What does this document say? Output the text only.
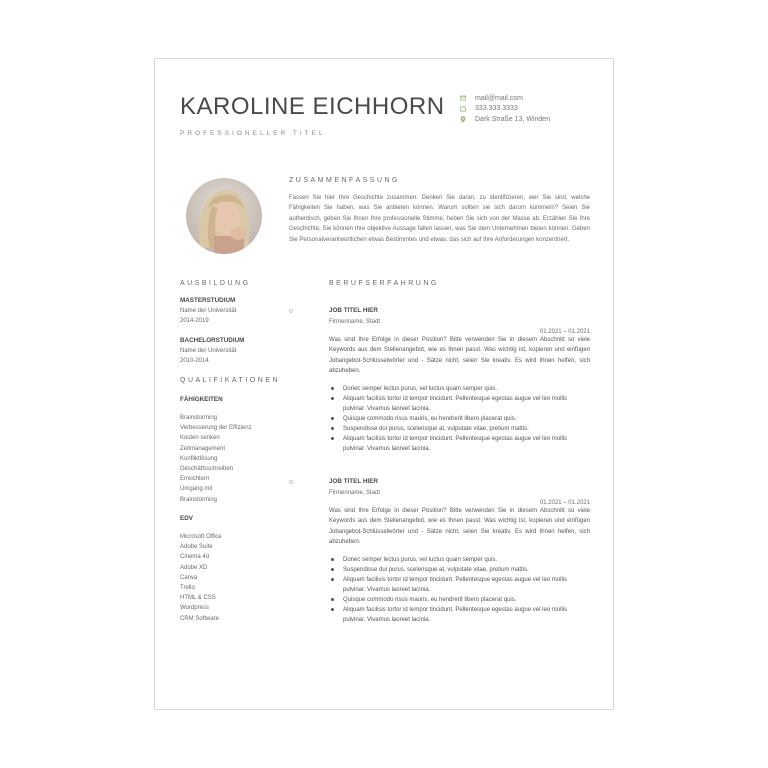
KAROLINE EICHHORN
PROFESSIONELLER TITEL
mail@mail.com
333.333.3333
Dark Straße 13, Winden
ZUSAMMENFASSUNG
Fassen Sie hier Ihre Geschichte zusammen. Denken Sie daran, zu identifizieren, wer Sie sind, welche Fähigkeiten Sie haben, was Sie anbieten können. Warum sollten sie sich darum kümmern? Seien Sie authentisch, geben Sie Ihnen Ihre professionelle Stimme, heben Sie sich von der Masse ab. Erzählen Sie Ihre Geschichte, Sie können Ihre objektive Aussage fallen lassen, was Sie dem Unternehmen bieten können. Geben Sie Personalverantwortlichen etwas Bestimmtes und etwas, das sich auf Ihre Anforderungen konzentriert.
AUSBILDUNG
MASTERSTUDIUM
Name der Universität
2014-2019
BACHELORSTUDIUM
Name der Universität
2010-2014
QUALIFIKATIONEN
FÄHIGKEITEN
Brainstorming
Verbesserung der Effizienz
Kosten senken
Zeitmanagement
Konfliktlösung
Geschäftsschreiben
Erreichtern
Umgang mit
Brainstorming
EDV
Microsoft Office
Adobe Suite
Cinema 4d
Adobe XD
Canva
Trello
HTML & CSS
Wordpress
CRM Software
BERUFSERFAHRUNG
JOB TITEL HIER
Firmenname, Stadt
01.2021 – 01.2021
Was sind Ihre Erfolge in dieser Position? Bitte verwenden Sie in diesem Abschnitt so viele Keywords aus dem Stellenangebot, wie es Ihnen passt. Was wichtig ist, kopieren und einfügen Jobangebot-Schlüsselwörter und - Sätze nicht, seien Sie kreativ. Es wird Ihnen helfen, sich abzuheben.
Donec semper lectus purus, vel luctus quam semper quis.
Aliquam facilisis tortor id tempor tincidunt. Pellentesque egestas augue vel leo mollis pulvinar. Vivamus laoreet lacinia.
Quisque commodo risus mauris, eu hendrerit libero placerat quis.
Suspendisse dui purus, scelerisque at, vulputate vitae, pretium mattis.
Aliquam facilisis tortor id tempor tincidunt. Pellentesque egestas augue vel leo mollis pulvinar. Vivamus laoreet lacinia.
JOB TITEL HIER
Firmenname, Stadt
01.2021 – 01.2021
Was sind Ihre Erfolge in dieser Position? Bitte verwenden Sie in diesem Abschnitt so viele Keywords aus dem Stellenangebot, wie es Ihnen passt. Was wichtig ist, kopieren und einfügen Jobangebot-Schlüsselwörter und - Sätze nicht, seien Sie kreativ. Es wird Ihnen helfen, sich abzuheben.
Donec semper lectus purus, vel luctus quam semper quis.
Suspendisse dui purus, scelerisque at, vulputate vitae, pretium mattis.
Aliquam facilisis tortor id tempor tincidunt. Pellentesque egestas augue vel leo mollis pulvinar. Vivamus laoreet lacinia.
Quisque commodo risus mauris, eu hendrerit libero placerat quis.
Aliquam facilisis tortor id tempor tincidunt. Pellentesque egestas augue vel leo mollis pulvinar. Vivamus laoreet lacinia.
